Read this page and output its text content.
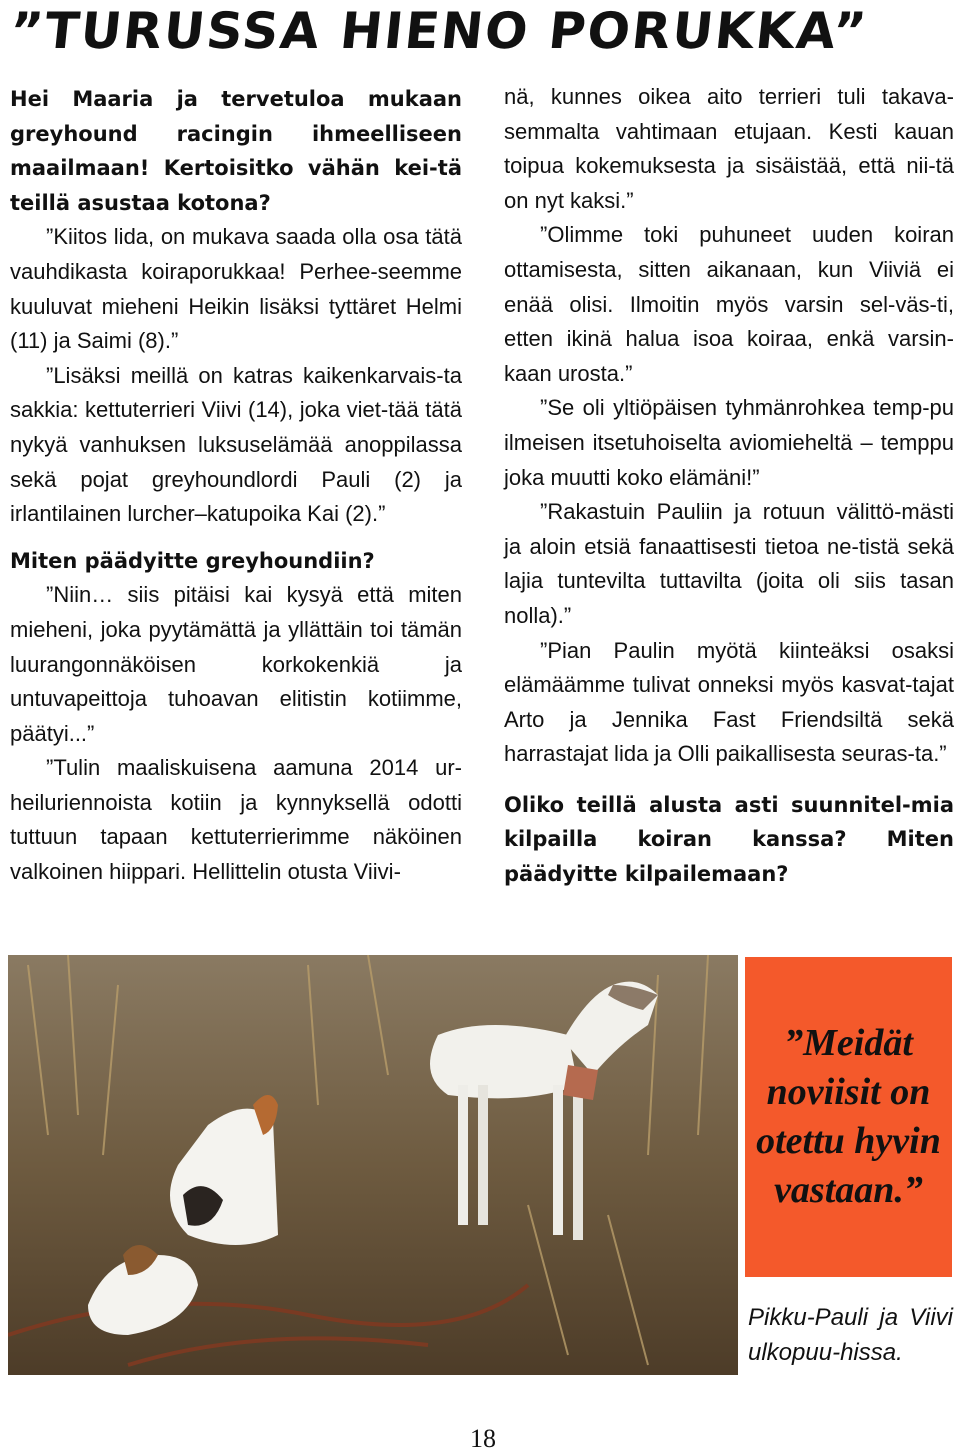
”TURUSSA HIENO PORUKKA”

Hei Maaria ja tervetuloa mukaan greyhound racingin ihmeelliseen maailmaan! Kertoisitko vähän kei-tä teillä asustaa kotona?

”Kiitos lida, on mukava saada olla osa tätä vauhdikasta koiraporukkaa! Perhee-seemme kuuluvat mieheni Heikin lisäksi tyttäret Helmi (11) ja Saimi (8).”

”Lisäksi meillä on katras kaikenkarvais-ta sakkia: kettuterrieri Viivi (14), joka viet-tää tätä nykyä vanhuksen luksuselämää anoppilassa sekä pojat greyhoundlordi Pauli (2) ja irlantilainen lurcher–katupoika Kai (2).”

Miten päädyitte greyhoundiin?

”Niin… siis pitäisi kai kysyä että miten mieheni, joka pyytämättä ja yllättäin toi tämän luurangonnäköisen korkokenkiä ja untuvapeittoja tuhoavan elitistin kotiimme, päätyi...”

”Tulin maaliskuisena aamuna 2014 ur-heiluriennoista kotiin ja kynnyksellä odotti tuttuun tapaan kettuterrierimme näköinen valkoinen hiippari. Hellittelin otusta Viivi-

nä, kunnes oikea aito terrieri tuli takava-semmalta vahtimaan etujaan. Kesti kauan toipua kokemuksesta ja sisäistää, että nii-tä on nyt kaksi.”

”Olimme toki puhuneet uuden koiran ottamisesta, sitten aikanaan, kun Viiviä ei enää olisi. Ilmoitin myös varsin sel-väs-ti, etten ikinä halua isoa koiraa, enkä varsin-kaan urosta.”

”Se oli yltiöpäisen tyhmänrohkea temp-pu ilmeisen itsetuhoiselta aviomieheltä – temppu joka muutti koko elämäni!”

”Rakastuin Pauliin ja rotuun välittö-mästi ja aloin etsiä fanaattisesti tietoa ne-tistä sekä lajia tuntevilta tuttavilta (joita oli siis tasan nolla).”

”Pian Paulin myötä kiinteäksi osaksi elämäämme tulivat onneksi myös kasvat-tajat Arto ja Jennika Fast Friendsiltä sekä harrastajat lida ja Olli paikallisesta seuras-ta.”

Oliko teillä alusta asti suunnitel-mia kilpailla koiran kanssa? Miten päädyitte kilpailemaan?

”Meidät noviisit on otettu hyvin vastaan.”
Pikku-Pauli ja Viivi ulkopuu-hissa.
18
